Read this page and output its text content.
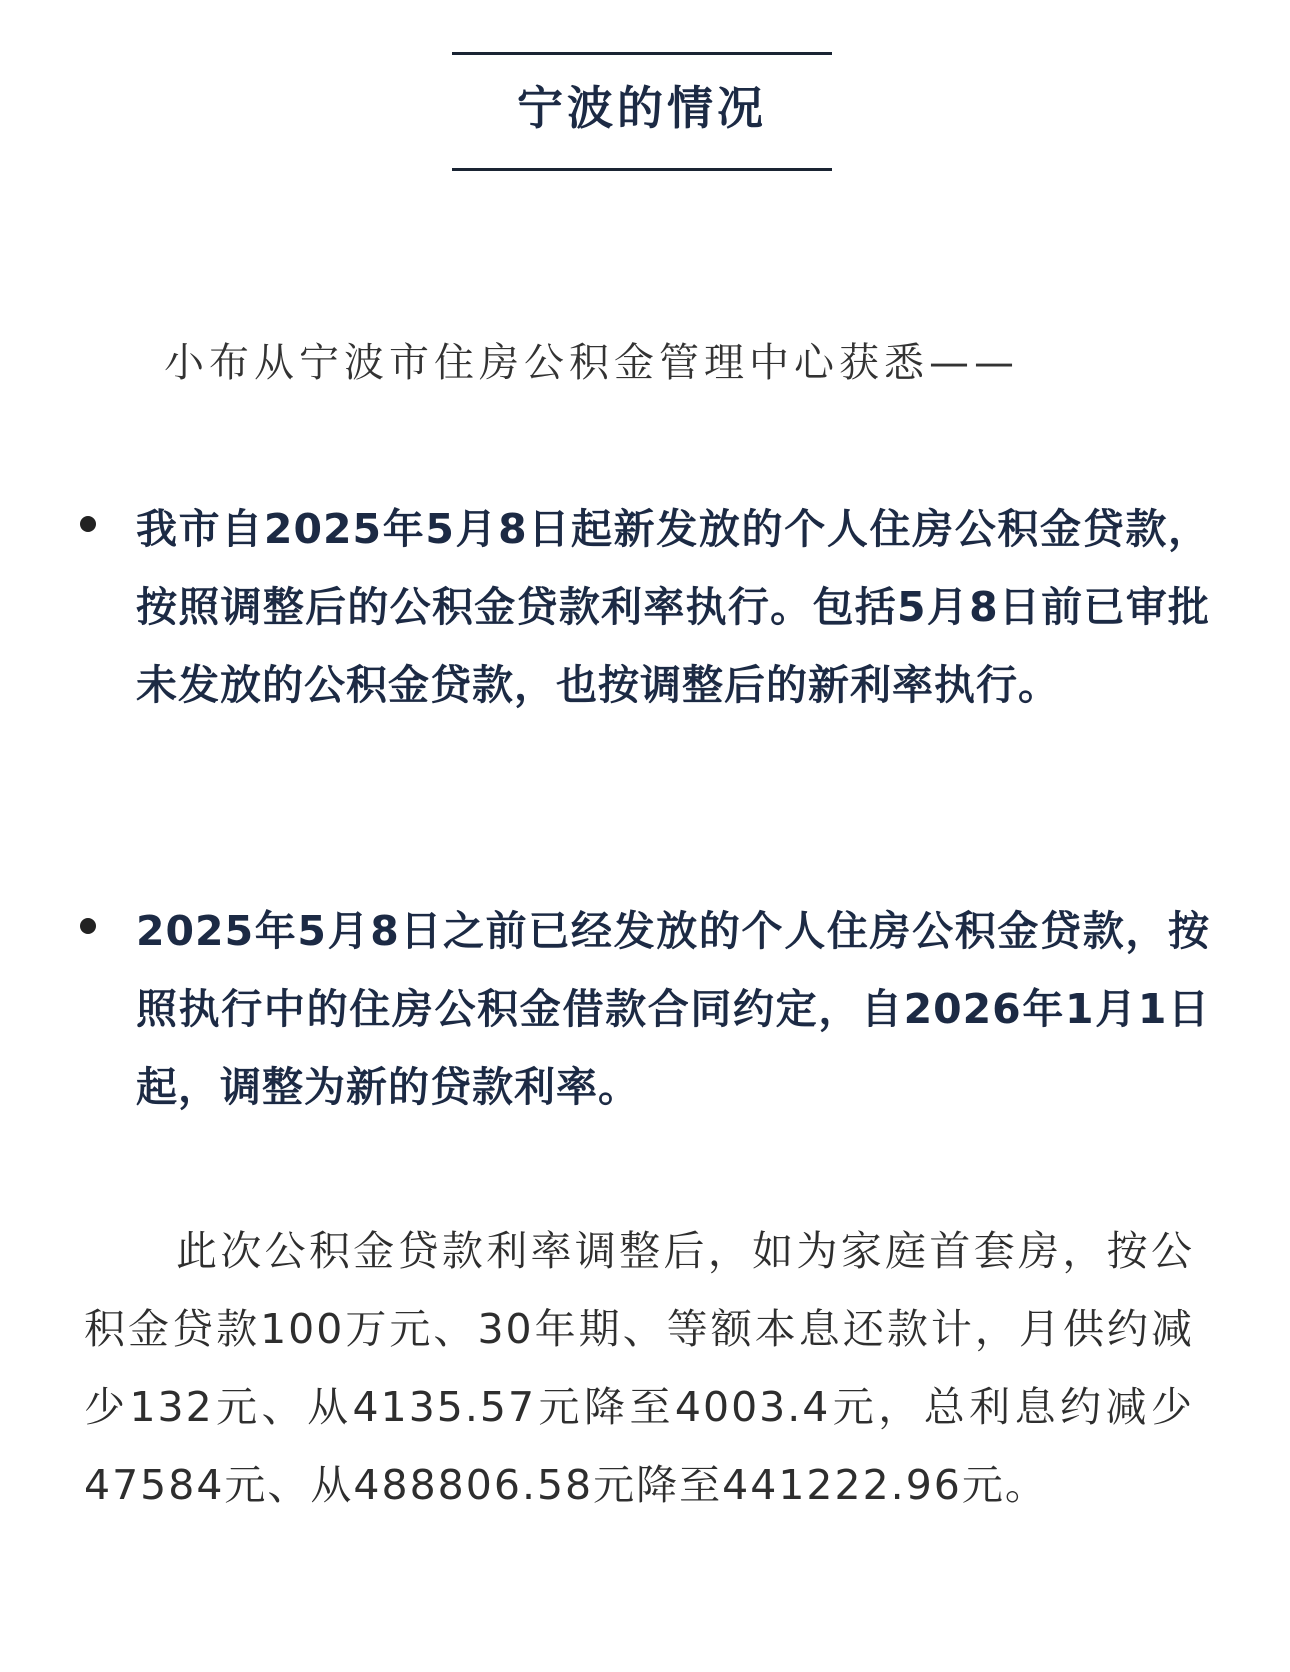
宁波的情况
小布从宁波市住房公积金管理中心获悉——
我市自2025年5月8日起新发放的个人住房公积金贷款，按照调整后的公积金贷款利率执行。包括5月8日前已审批未发放的公积金贷款，也按调整后的新利率执行。
2025年5月8日之前已经发放的个人住房公积金贷款，按照执行中的住房公积金借款合同约定，自2026年1月1日起，调整为新的贷款利率。
此次公积金贷款利率调整后，如为家庭首套房，按公积金贷款100万元、30年期、等额本息还款计，月供约减少132元、从4135.57元降至4003.4元，总利息约减少47584元、从488806.58元降至441222.96元。
